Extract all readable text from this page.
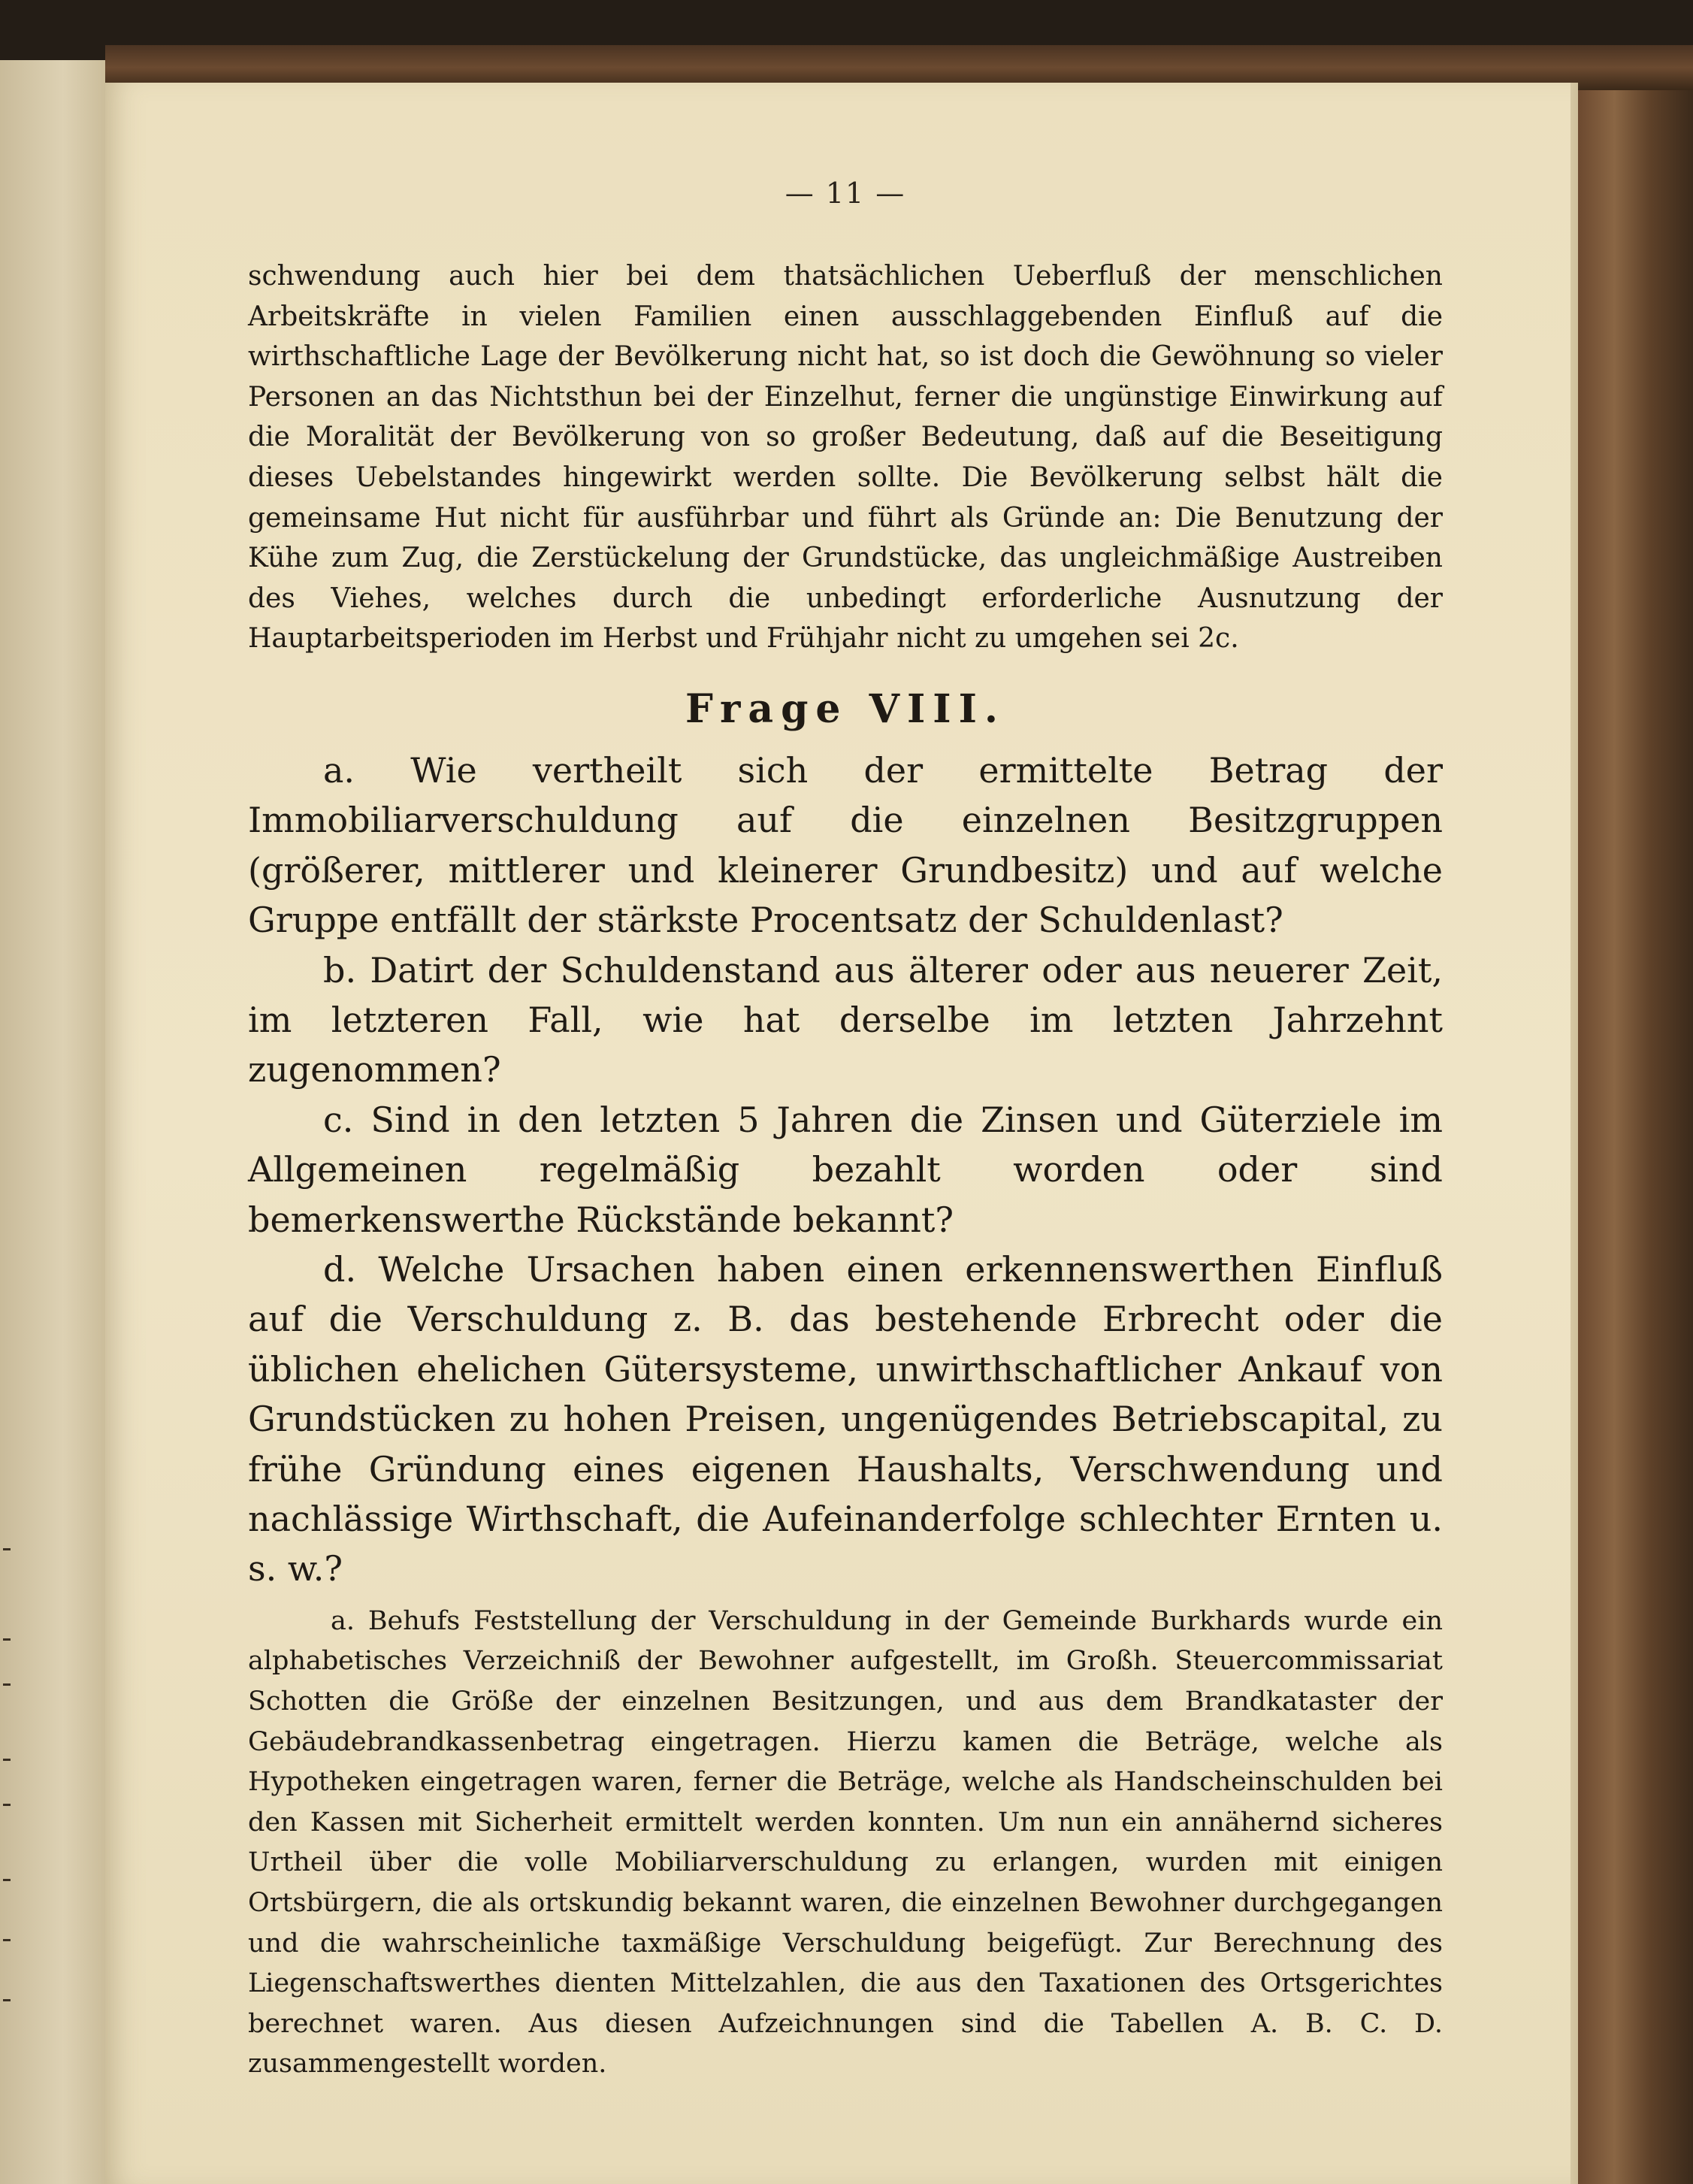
— 11 —

schwendung auch hier bei dem thatsächlichen Ueberfluß der menschlichen Arbeitskräfte in vielen Familien einen ausschlaggebenden Einfluß auf die wirthschaftliche Lage der Bevölkerung nicht hat, so ist doch die Gewöhnung so vieler Personen an das Nichtsthun bei der Einzelhut, ferner die ungünstige Einwirkung auf die Moralität der Bevölkerung von so großer Bedeutung, daß auf die Beseitigung dieses Uebelstandes hingewirkt werden sollte. Die Bevölkerung selbst hält die gemeinsame Hut nicht für ausführbar und führt als Gründe an: Die Benutzung der Kühe zum Zug, die Zerstückelung der Grundstücke, das ungleichmäßige Austreiben des Viehes, welches durch die unbedingt erforderliche Ausnutzung der Hauptarbeitsperioden im Herbst und Frühjahr nicht zu umgehen sei 2c.

Frage VIII.

a. Wie vertheilt sich der ermittelte Betrag der Immobiliarverschuldung auf die einzelnen Besitzgruppen (größerer, mittlerer und kleinerer Grundbesitz) und auf welche Gruppe entfällt der stärkste Procentsatz der Schuldenlast?

b. Datirt der Schuldenstand aus älterer oder aus neuerer Zeit, im letzteren Fall, wie hat derselbe im letzten Jahrzehnt zugenommen?

c. Sind in den letzten 5 Jahren die Zinsen und Güterziele im Allgemeinen regelmäßig bezahlt worden oder sind bemerkenswerthe Rückstände bekannt?

d. Welche Ursachen haben einen erkennenswerthen Einfluß auf die Verschuldung z. B. das bestehende Erbrecht oder die üblichen ehelichen Gütersysteme, unwirthschaftlicher Ankauf von Grundstücken zu hohen Preisen, ungenügendes Betriebscapital, zu frühe Gründung eines eigenen Haushalts, Verschwendung und nachlässige Wirthschaft, die Aufeinanderfolge schlechter Ernten u. s. w.?

a. Behufs Feststellung der Verschuldung in der Gemeinde Burkhards wurde ein alphabetisches Verzeichniß der Bewohner aufgestellt, im Großh. Steuercommissariat Schotten die Größe der einzelnen Besitzungen, und aus dem Brandkataster der Gebäudebrandkassenbetrag eingetragen. Hierzu kamen die Beträge, welche als Hypotheken eingetragen waren, ferner die Beträge, welche als Handscheinschulden bei den Kassen mit Sicherheit ermittelt werden konnten. Um nun ein annähernd sicheres Urtheil über die volle Mobiliarverschuldung zu erlangen, wurden mit einigen Ortsbürgern, die als ortskundig bekannt waren, die einzelnen Bewohner durchgegangen und die wahrscheinliche taxmäßige Verschuldung beigefügt. Zur Berechnung des Liegenschaftswerthes dienten Mittelzahlen, die aus den Taxationen des Ortsgerichtes berechnet waren. Aus diesen Aufzeichnungen sind die Tabellen A. B. C. D. zusammengestellt worden.
